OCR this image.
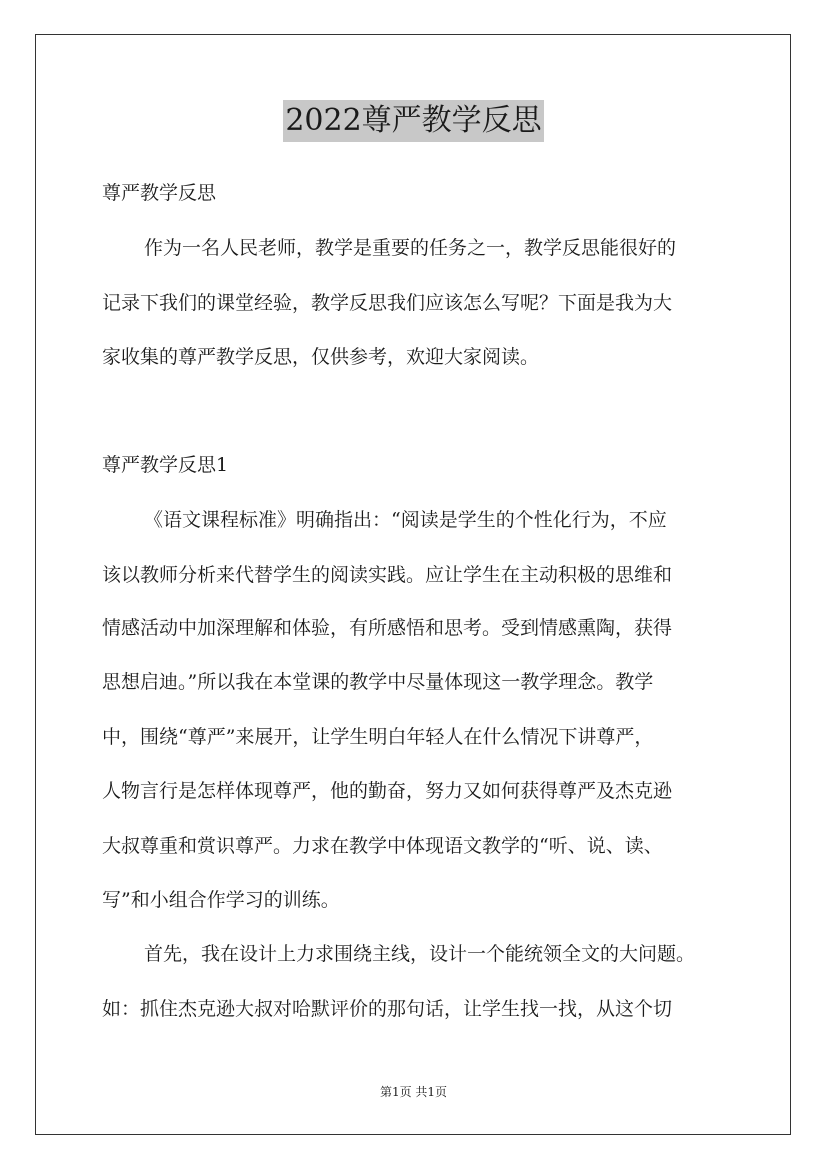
2022尊严教学反思
尊严教学反思
作为一名人民老师，教学是重要的任务之一，教学反思能很好的
记录下我们的课堂经验，教学反思我们应该怎么写呢？下面是我为大
家收集的尊严教学反思，仅供参考，欢迎大家阅读。
尊严教学反思1
《语文课程标准》明确指出：“阅读是学生的个性化行为，不应
该以教师分析来代替学生的阅读实践。应让学生在主动积极的思维和
情感活动中加深理解和体验，有所感悟和思考。受到情感熏陶，获得
思想启迪。”所以我在本堂课的教学中尽量体现这一教学理念。教学
中，围绕“尊严”来展开，让学生明白年轻人在什么情况下讲尊严，
人物言行是怎样体现尊严，他的勤奋，努力又如何获得尊严及杰克逊
大叔尊重和赏识尊严。力求在教学中体现语文教学的“听、说、读、
写”和小组合作学习的训练。
首先，我在设计上力求围绕主线，设计一个能统领全文的大问题。
如：抓住杰克逊大叔对哈默评价的那句话，让学生找一找，从这个切
第1页 共1页
